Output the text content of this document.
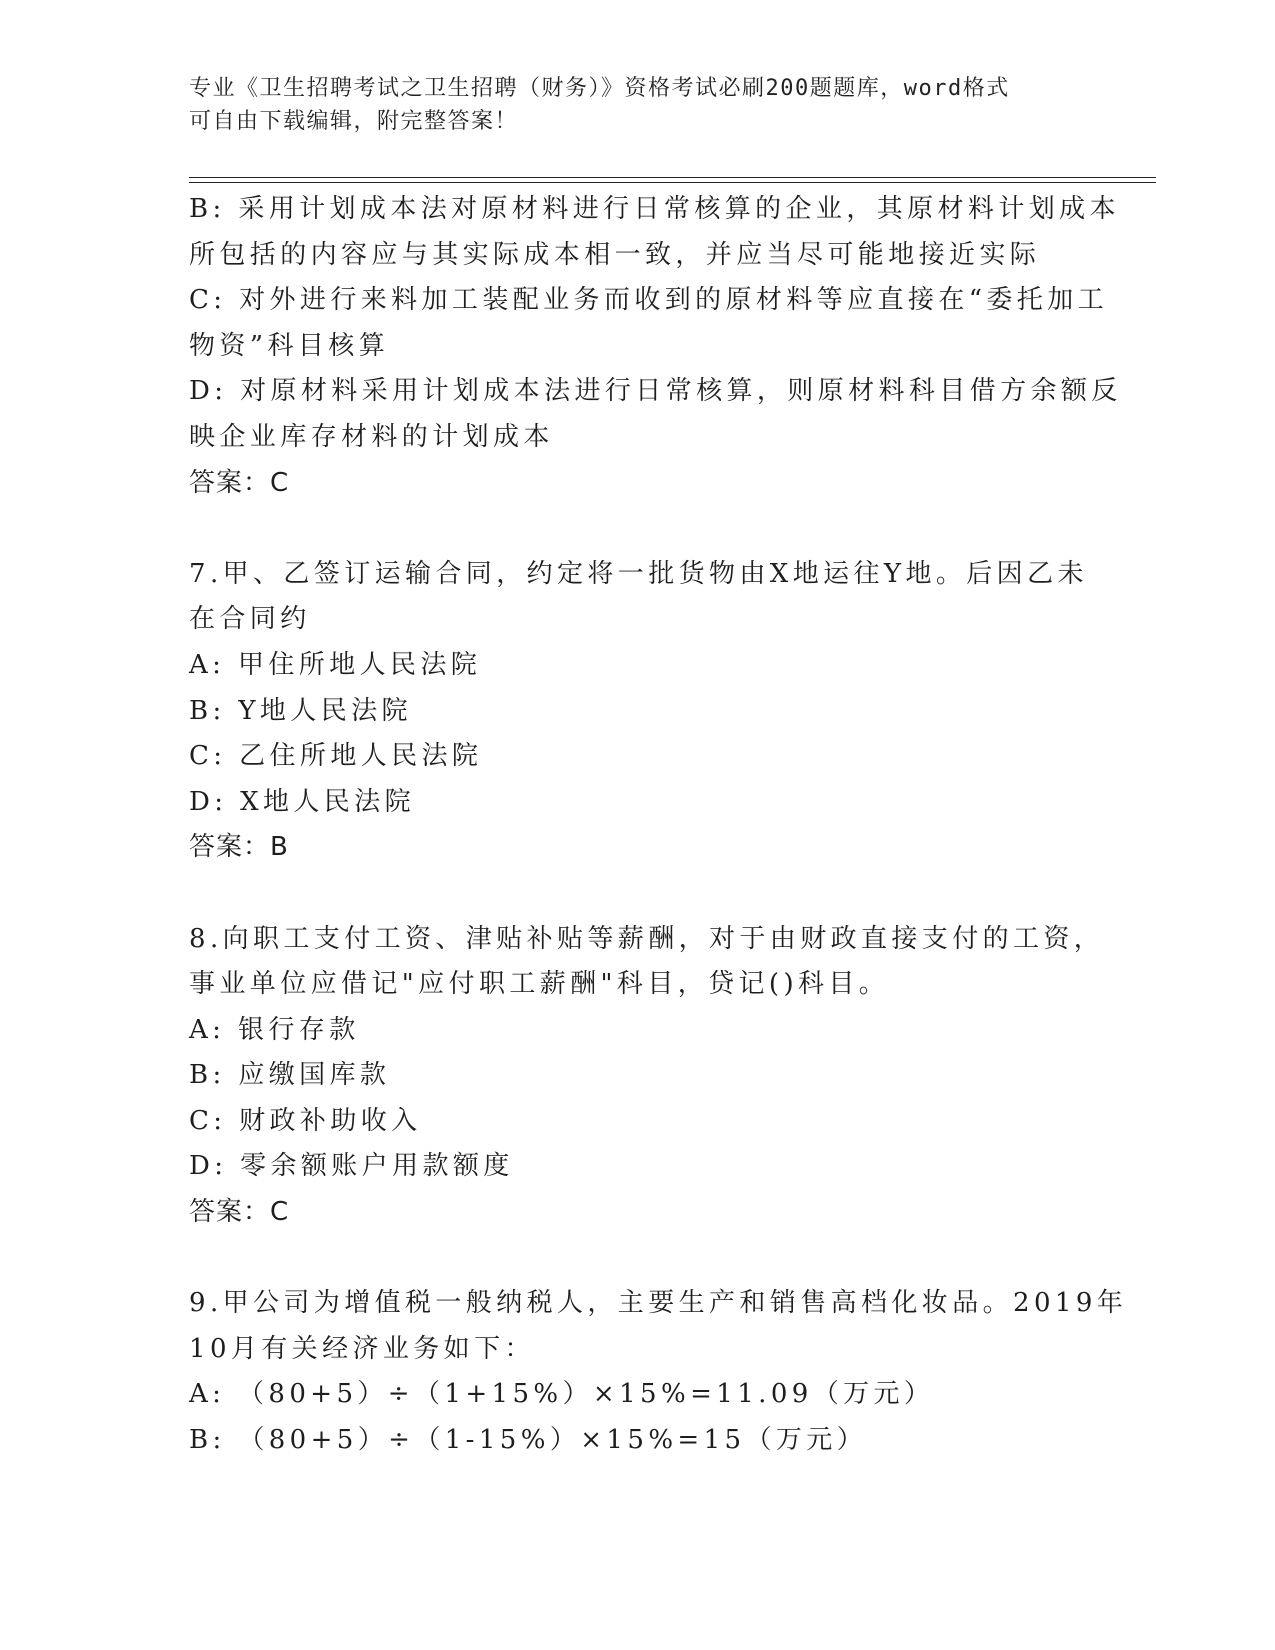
专业《卫生招聘考试之卫生招聘（财务）》资格考试必刷200题题库，word格式
可自由下载编辑，附完整答案！
B: 采用计划成本法对原材料进行日常核算的企业，其原材料计划成本
所包括的内容应与其实际成本相一致，并应当尽可能地接近实际
C: 对外进行来料加工装配业务而收到的原材料等应直接在“委托加工
物资”科目核算
D: 对原材料采用计划成本法进行日常核算，则原材料科目借方余额反
映企业库存材料的计划成本
答案：C
7.甲、乙签订运输合同，约定将一批货物由X地运往Y地。后因乙未
在合同约
A: 甲住所地人民法院
B: Y地人民法院
C: 乙住所地人民法院
D: X地人民法院
答案：B
8.向职工支付工资、津贴补贴等薪酬，对于由财政直接支付的工资，
事业单位应借记"应付职工薪酬"科目，贷记()科目。
A: 银行存款
B: 应缴国库款
C: 财政补助收入
D: 零余额账户用款额度
答案：C
9.甲公司为增值税一般纳税人，主要生产和销售高档化妆品。2019年
10月有关经济业务如下：
A: （80+5）÷（1+15%）×15%=11.09（万元）
B: （80+5）÷（1-15%）×15%=15（万元）
